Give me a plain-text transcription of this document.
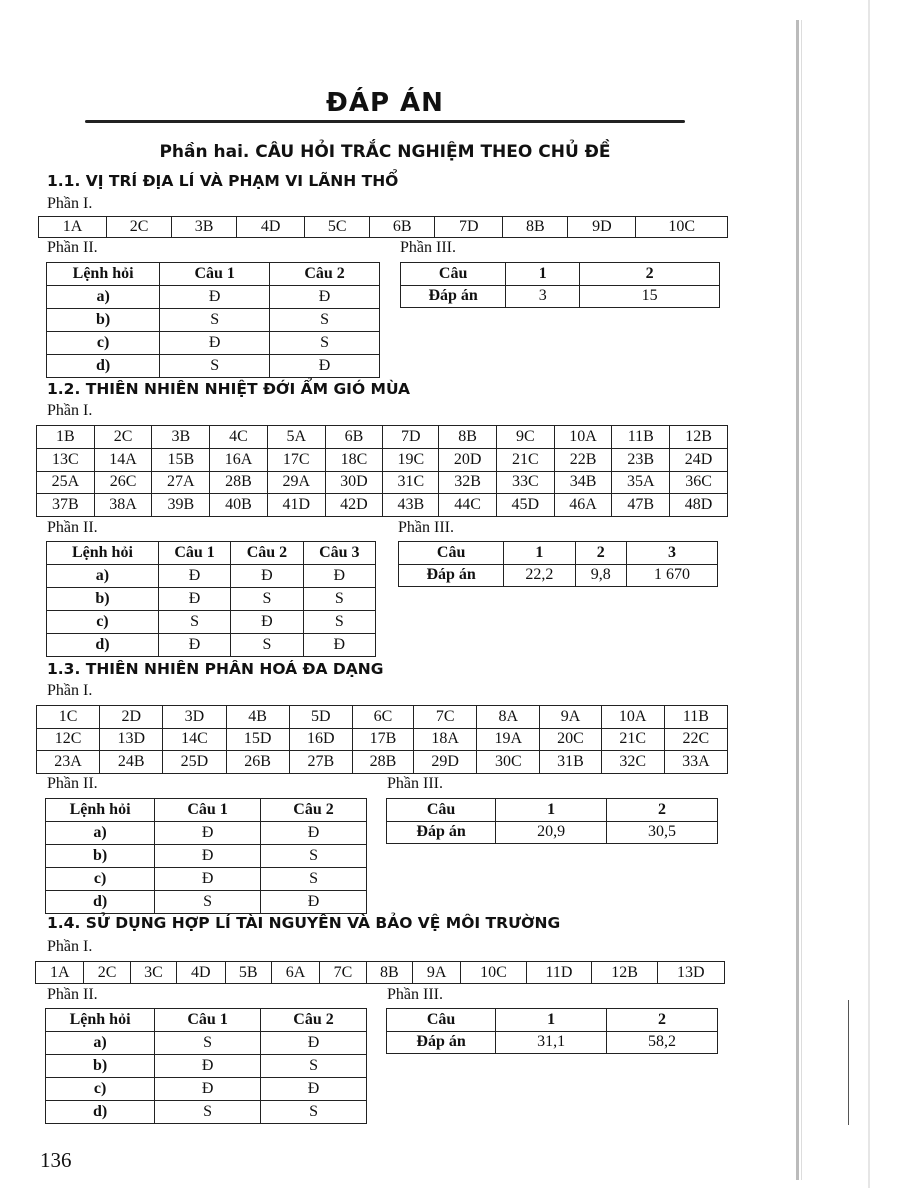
ĐÁP ÁN
Phần hai. CÂU HỎI TRẮC NGHIỆM THEO CHỦ ĐỀ
1.1. VỊ TRÍ ĐỊA LÍ VÀ PHẠM VI LÃNH THỔ
Phần I.
1A	2C	3B	4D	5C	6B	7D	8B	9D	10C
Phần II.
Lệnh hỏi	Câu 1	Câu 2
a)	Đ	Đ
b)	S	S
c)	Đ	S
d)	S	Đ
Phần III.
Câu	1	2
Đáp án	3	15
1.2. THIÊN NHIÊN NHIỆT ĐỚI ẨM GIÓ MÙA
Phần I.
1B	2C	3B	4C	5A	6B	7D	8B	9C	10A	11B	12B
13C	14A	15B	16A	17C	18C	19C	20D	21C	22B	23B	24D
25A	26C	27A	28B	29A	30D	31C	32B	33C	34B	35A	36C
37B	38A	39B	40B	41D	42D	43B	44C	45D	46A	47B	48D
Phần II.
Lệnh hỏi	Câu 1	Câu 2	Câu 3
a)	Đ	Đ	Đ
b)	Đ	S	S
c)	S	Đ	S
d)	Đ	S	Đ
Phần III.
Câu	1	2	3
Đáp án	22,2	9,8	1 670
1.3. THIÊN NHIÊN PHÂN HOÁ ĐA DẠNG
Phần I.
1C	2D	3D	4B	5D	6C	7C	8A	9A	10A	11B
12C	13D	14C	15D	16D	17B	18A	19A	20C	21C	22C
23A	24B	25D	26B	27B	28B	29D	30C	31B	32C	33A
Phần II.
Lệnh hỏi	Câu 1	Câu 2
a)	Đ	Đ
b)	Đ	S
c)	Đ	S
d)	S	Đ
Phần III.
Câu	1	2
Đáp án	20,9	30,5
1.4. SỬ DỤNG HỢP LÍ TÀI NGUYÊN VÀ BẢO VỆ MÔI TRƯỜNG
Phần I.
1A	2C	3C	4D	5B	6A	7C	8B	9A	10C	11D	12B	13D
Phần II.
Lệnh hỏi	Câu 1	Câu 2
a)	S	Đ
b)	Đ	S
c)	Đ	Đ
d)	S	S
Phần III.
Câu	1	2
Đáp án	31,1	58,2
136
